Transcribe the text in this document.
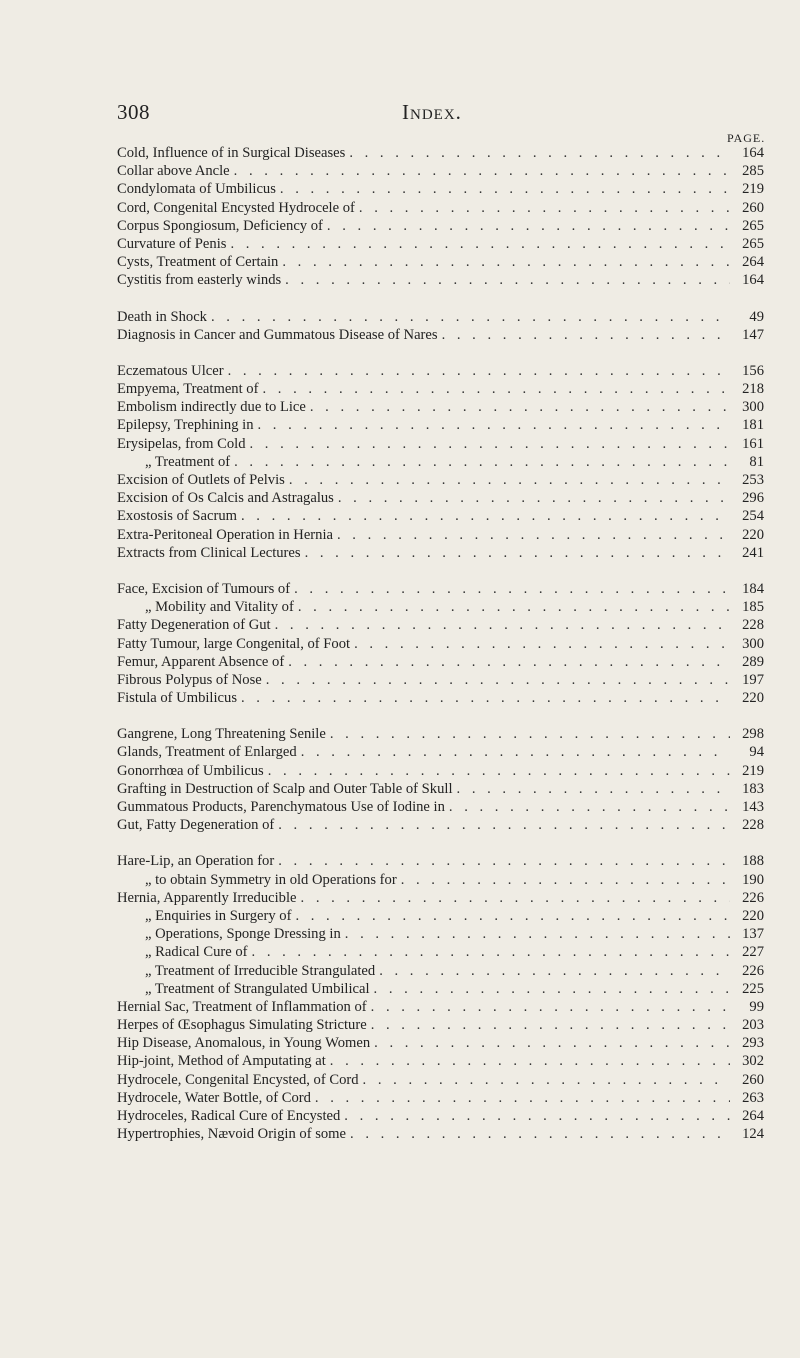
308	Index.
PAGE.
Cold, Influence of in Surgical Diseases . . .	164
Collar above Ancle . . .	285
Condylomata of Umbilicus . . .	219
Cord, Congenital Encysted Hydrocele of . . .	260
Corpus Spongiosum, Deficiency of . . .	265
Curvature of Penis . . .	265
Cysts, Treatment of Certain . . .	264
Cystitis from easterly winds . . .	164
Death in Shock . . .	49
Diagnosis in Cancer and Gummatous Disease of Nares . . .	147
Eczematous Ulcer . . .	156
Empyema, Treatment of . . .	218
Embolism indirectly due to Lice . . .	300
Epilepsy, Trephining in . . .	181
Erysipelas, from Cold . . .	161
„ Treatment of . . .	81
Excision of Outlets of Pelvis . . .	253
Excision of Os Calcis and Astragalus . . .	296
Exostosis of Sacrum . . .	254
Extra-Peritoneal Operation in Hernia . . .	220
Extracts from Clinical Lectures . . .	241
Face, Excision of Tumours of . . .	184
„ Mobility and Vitality of . . .	185
Fatty Degeneration of Gut . . .	228
Fatty Tumour, large Congenital, of Foot . . .	300
Femur, Apparent Absence of . . .	289
Fibrous Polypus of Nose . . .	197
Fistula of Umbilicus . . .	220
Gangrene, Long Threatening Senile . . .	298
Glands, Treatment of Enlarged . . .	94
Gonorrhœa of Umbilicus . . .	219
Grafting in Destruction of Scalp and Outer Table of Skull . . .	183
Gummatous Products, Parenchymatous Use of Iodine in . . .	143
Gut, Fatty Degeneration of . . .	228
Hare-Lip, an Operation for . . .	188
„ to obtain Symmetry in old Operations for . . .	190
Hernia, Apparently Irreducible . . .	226
„ Enquiries in Surgery of . . .	220
„ Operations, Sponge Dressing in . . .	137
„ Radical Cure of . . .	227
„ Treatment of Irreducible Strangulated . . .	226
„ Treatment of Strangulated Umbilical . . .	225
Hernial Sac, Treatment of Inflammation of . . .	99
Herpes of Œsophagus Simulating Stricture . . .	203
Hip Disease, Anomalous, in Young Women . . .	293
Hip-joint, Method of Amputating at . . .	302
Hydrocele, Congenital Encysted, of Cord . . .	260
Hydrocele, Water Bottle, of Cord . . .	263
Hydroceles, Radical Cure of Encysted . . .	264
Hypertrophies, Nævoid Origin of some . . .	124
